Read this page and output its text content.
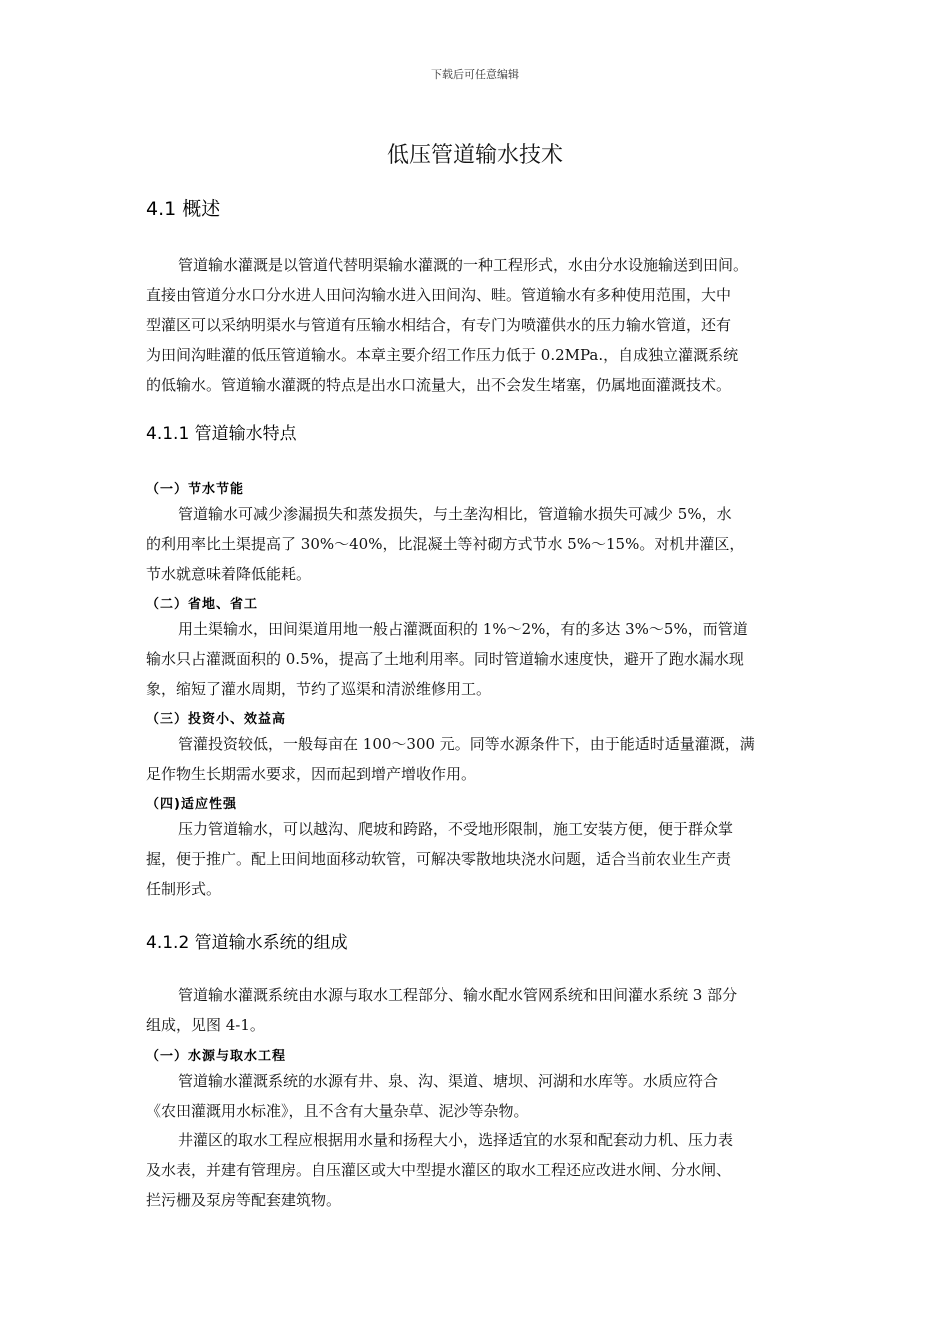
下载后可任意编辑
低压管道输水技术
4.1 概述
管道输水灌溉是以管道代替明渠输水灌溉的一种工程形式，水由分水设施输送到田间。
直接由管道分水口分水进人田问沟输水进入田间沟、畦。管道输水有多种使用范围，大中
型灌区可以采纳明渠水与管道有压输水相结合，有专门为喷灌供水的压力输水管道，还有
为田间沟畦灌的低压管道输水。本章主要介绍工作压力低于 0.2MPa.，自成独立灌溉系统
的低输水。管道输水灌溉的特点是出水口流量大，出不会发生堵塞，仍属地面灌溉技术。
4.1.1 管道输水特点
（一）节水节能
管道输水可减少渗漏损失和蒸发损失，与土垄沟相比，管道输水损失可减少 5%，水
的利用率比土渠提高了 30%～40%，比混凝土等衬砌方式节水 5%～15%。对机井灌区，
节水就意味着降低能耗。
（二）省地、省工
用土渠输水，田间渠道用地一般占灌溉面积的 1%～2%，有的多达 3%～5%，而管道
输水只占灌溉面积的 0.5%，提高了土地利用率。同时管道输水速度快，避开了跑水漏水现
象，缩短了灌水周期，节约了巡渠和清淤维修用工。
（三）投资小、效益高
管灌投资较低，一般每亩在 100～300 元。同等水源条件下，由于能适时适量灌溉，满
足作物生长期需水要求，因而起到增产增收作用。
（四)适应性强
压力管道输水，可以越沟、爬坡和跨路，不受地形限制，施工安装方便，便于群众掌
握，便于推广。配上田间地面移动软管，可解决零散地块浇水问题，适合当前农业生产责
任制形式。
4.1.2 管道输水系统的组成
管道输水灌溉系统由水源与取水工程部分、输水配水管网系统和田间灌水系统 3 部分
组成，见图 4-1。
（一）水源与取水工程
管道输水灌溉系统的水源有井、泉、沟、渠道、塘坝、河湖和水库等。水质应符合
《农田灌溉用水标准》，且不含有大量杂草、泥沙等杂物。
井灌区的取水工程应根据用水量和扬程大小，选择适宜的水泵和配套动力机、压力表
及水表，并建有管理房。自压灌区或大中型提水灌区的取水工程还应改进水闸、分水闸、
拦污栅及泵房等配套建筑物。
